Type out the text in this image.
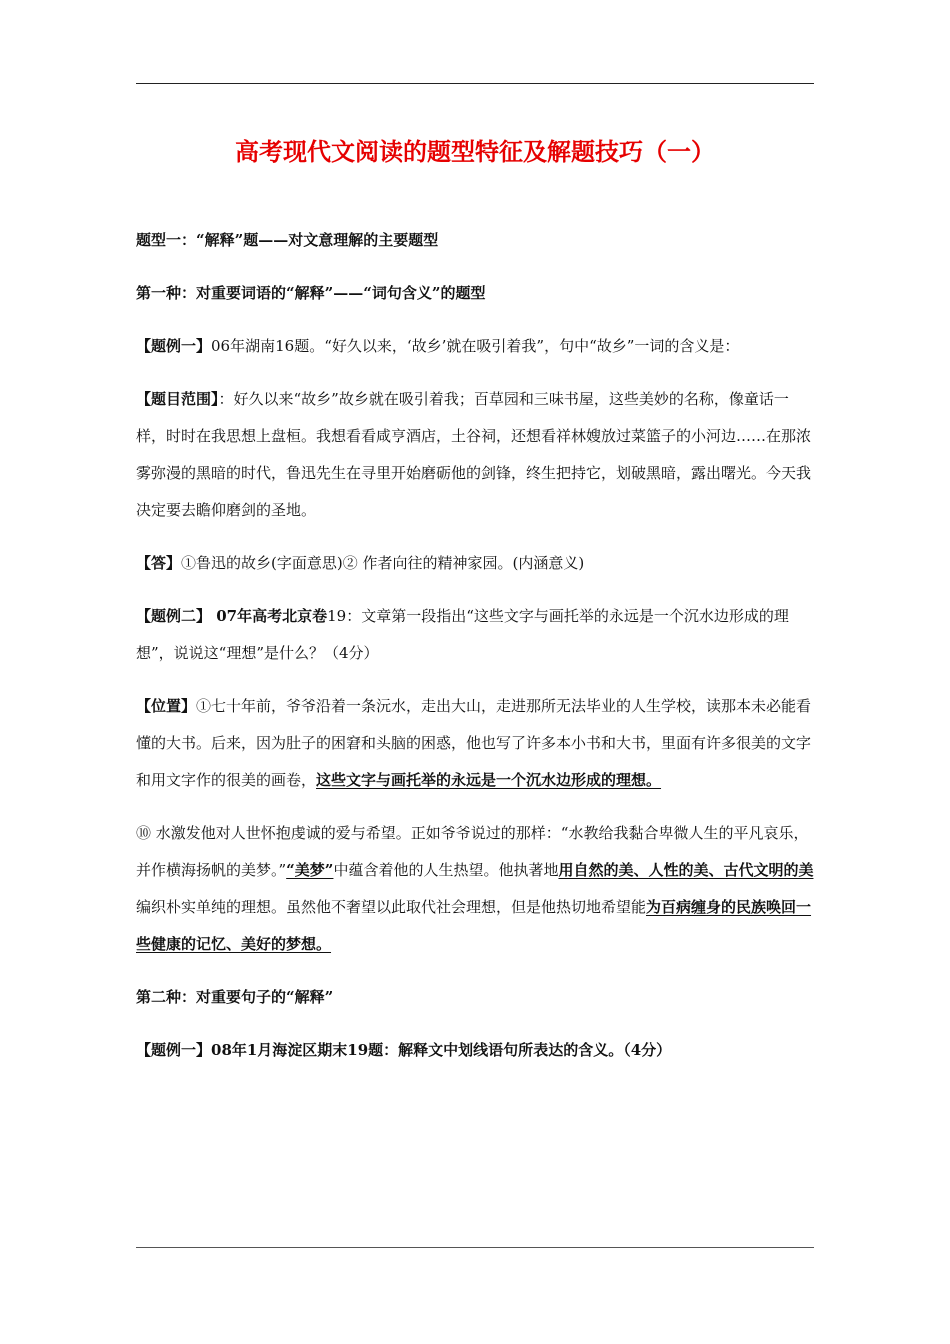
高考现代文阅读的题型特征及解题技巧（一）

题型一：“解释”题——对文意理解的主要题型

第一种：对重要词语的“解释”——“词句含义”的题型

【题例一】06年湖南16题。“好久以来，‘故乡’就在吸引着我”，句中“故乡”一词的含义是：

【题目范围】：好久以来“故乡”故乡就在吸引着我；百草园和三味书屋，这些美妙的名称，像童话一样，时时在我思想上盘桓。我想看看咸亨酒店，土谷祠，还想看祥林嫂放过菜篮子的小河边……在那浓雾弥漫的黑暗的时代，鲁迅先生在寻里开始磨砺他的剑锋，终生把持它，划破黑暗，露出曙光。今天我决定要去瞻仰磨剑的圣地。

【答】①鲁迅的故乡(字面意思)② 作者向往的精神家园。(内涵意义)

【题例二】 07年高考北京卷19：文章第一段指出“这些文字与画托举的永远是一个沉水边形成的理想”，说说这“理想”是什么？（4分）

【位置】①七十年前，爷爷沿着一条沅水，走出大山，走进那所无法毕业的人生学校，读那本未必能看懂的大书。后来，因为肚子的困窘和头脑的困惑，他也写了许多本小书和大书，里面有许多很美的文字和用文字作的很美的画卷，这些文字与画托举的永远是一个沉水边形成的理想。

⑩ 水激发他对人世怀抱虔诚的爱与希望。正如爷爷说过的那样：“水教给我黏合卑微人生的平凡哀乐，并作横海扬帆的美梦。”“美梦”中蕴含着他的人生热望。他执著地用自然的美、人性的美、古代文明的美编织朴实单纯的理想。虽然他不奢望以此取代社会理想，但是他热切地希望能为百病缠身的民族唤回一些健康的记忆、美好的梦想。

第二种：对重要句子的“解释”

【题例一】08年1月海淀区期末19题：解释文中划线语句所表达的含义。（4分）
